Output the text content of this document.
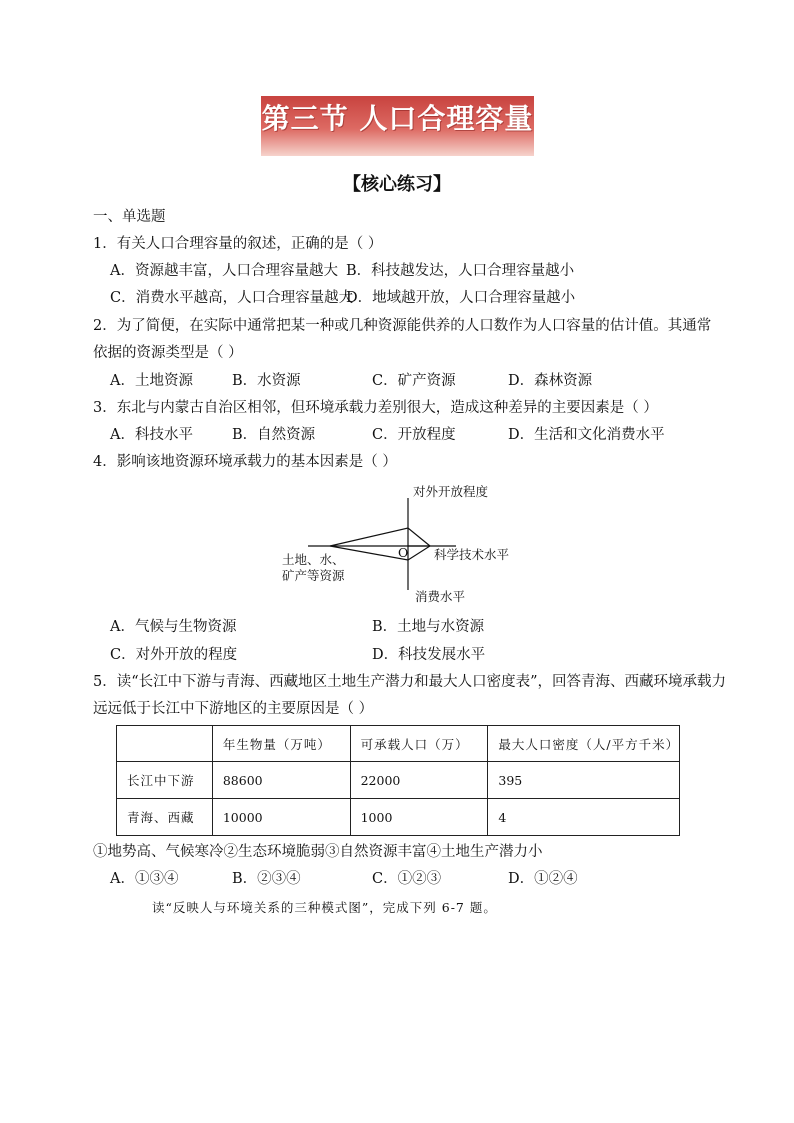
第三节 人口合理容量
【核心练习】
一、单选题
1．有关人口合理容量的叙述，正确的是（ ）
A．资源越丰富，人口合理容量越大 B．科技越发达，人口合理容量越小
C．消费水平越高，人口合理容量越大
D．地域越开放，人口合理容量越小
2．为了简便，在实际中通常把某一种或几种资源能供养的人口数作为人口容量的估计值。其通常
依据的资源类型是（ ）
A．土地资源	B．水资源	C．矿产资源	D．森林资源
3．东北与内蒙古自治区相邻，但环境承载力差别很大，造成这种差异的主要因素是（ ）
A．科技水平	B．自然资源	C．开放程度	D．生活和文化消费水平
4．影响该地资源环境承载力的基本因素是（ ）
对外开放程度
科学技术水平
消费水平
土地、水、
矿产等资源
O
A．气候与生物资源	B．土地与水资源
C．对外开放的程度	D．科技发展水平
5．读“长江中下游与青海、西藏地区土地生产潜力和最大人口密度表”，回答青海、西藏环境承载力
远远低于长江中下游地区的主要原因是（ ）
	年生物量（万吨）	可承载人口（万）	最大人口密度（人/平方千米）
长江中下游	88600	22000	395
青海、西藏	10000	1000	4
①地势高、气候寒冷②生态环境脆弱③自然资源丰富④土地生产潜力小
A．①③④	B．②③④	C．①②③	D．①②④
读“反映人与环境关系的三种模式图”，完成下列 6-7 题。
